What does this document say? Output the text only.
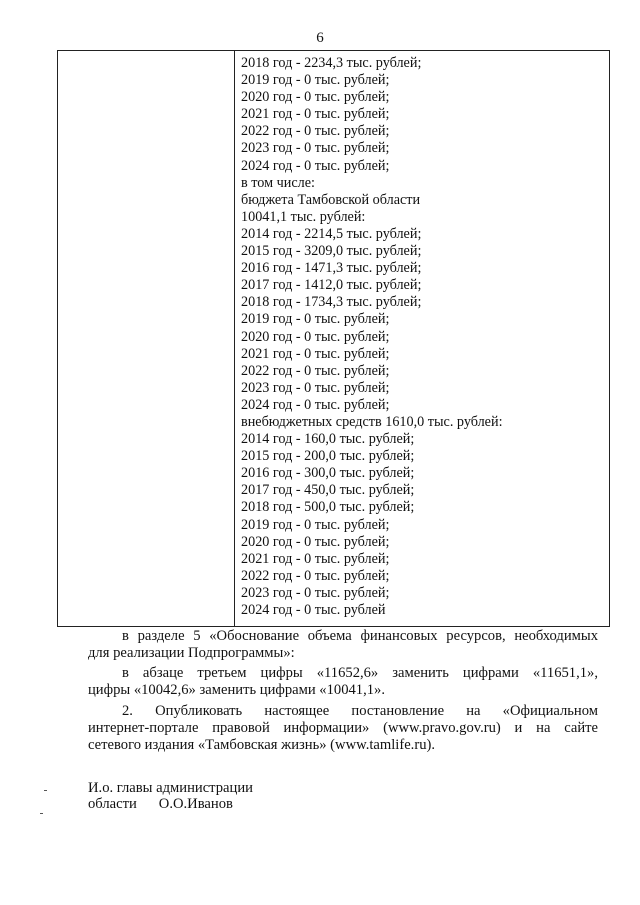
6
2018 год - 2234,3 тыс. рублей;
2019 год - 0 тыс. рублей;
2020 год - 0 тыс. рублей;
2021 год - 0 тыс. рублей;
2022 год - 0 тыс. рублей;
2023 год - 0 тыс. рублей;
2024 год - 0 тыс. рублей;
в том числе:
бюджета Тамбовской области
10041,1 тыс. рублей:
2014 год - 2214,5 тыс. рублей;
2015 год - 3209,0 тыс. рублей;
2016 год - 1471,3 тыс. рублей;
2017 год - 1412,0 тыс. рублей;
2018 год - 1734,3 тыс. рублей;
2019 год - 0 тыс. рублей;
2020 год - 0 тыс. рублей;
2021 год - 0 тыс. рублей;
2022 год - 0 тыс. рублей;
2023 год - 0 тыс. рублей;
2024 год - 0 тыс. рублей;
внебюджетных средств 1610,0 тыс. рублей:
2014 год - 160,0 тыс. рублей;
2015 год - 200,0 тыс. рублей;
2016 год - 300,0 тыс. рублей;
2017 год - 450,0 тыс. рублей;
2018 год - 500,0 тыс. рублей;
2019 год - 0 тыс. рублей;
2020 год - 0 тыс. рублей;
2021 год - 0 тыс. рублей;
2022 год - 0 тыс. рублей;
2023 год - 0 тыс. рублей;
2024 год - 0 тыс. рублей
в разделе 5 «Обоснование объема финансовых ресурсов, необходимых
для реализации Подпрограммы»:
в абзаце третьем цифры «11652,6» заменить цифрами «11651,1»,
цифры «10042,6» заменить цифрами «10041,1».
2. Опубликовать настоящее постановление на «Официальном
интернет-портале правовой информации» (www.pravo.gov.ru) и на сайте
сетевого издания «Тамбовская жизнь» (www.tamlife.ru).
И.о. главы администрации
области О.О.Иванов
